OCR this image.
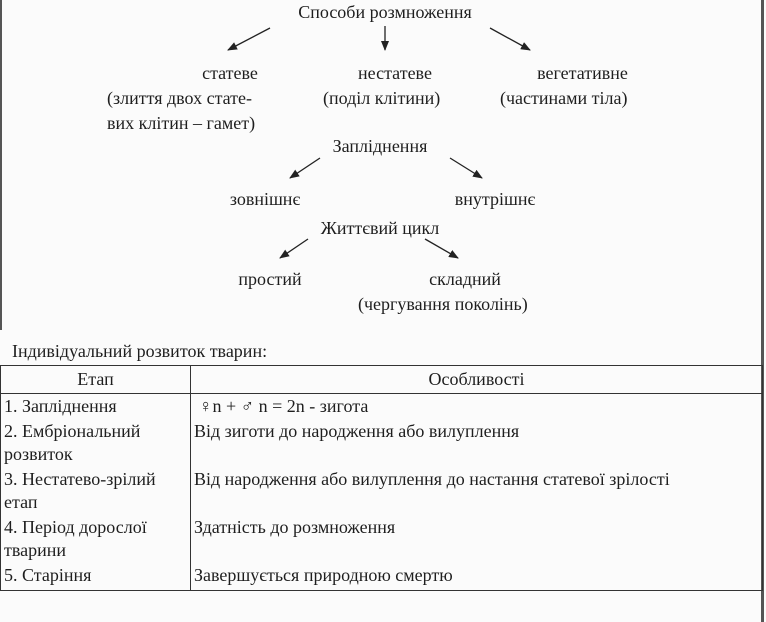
Способи розмноження
статеве
(злиття двох стате-
вих клітин – гамет)
нестатеве
(поділ клітини)
вегетативне
(частинами тіла)
Запліднення
зовнішнє	внутрішнє
Життєвий цикл
простий	складний
(чергування поколінь)
Індивідуальний розвиток тварин:
Етап	Особливості
1. Запліднення	♀n + ♂ n = 2n - зигота
2. Ембріональний розвиток	Від зиготи до народження або вилуплення
3. Нестатево-зрілий етап	Від народження або вилуплення до настання статевої зрілості
4. Період дорослої тварини	Здатність до розмноження
5. Старіння	Завершується природною смертю
